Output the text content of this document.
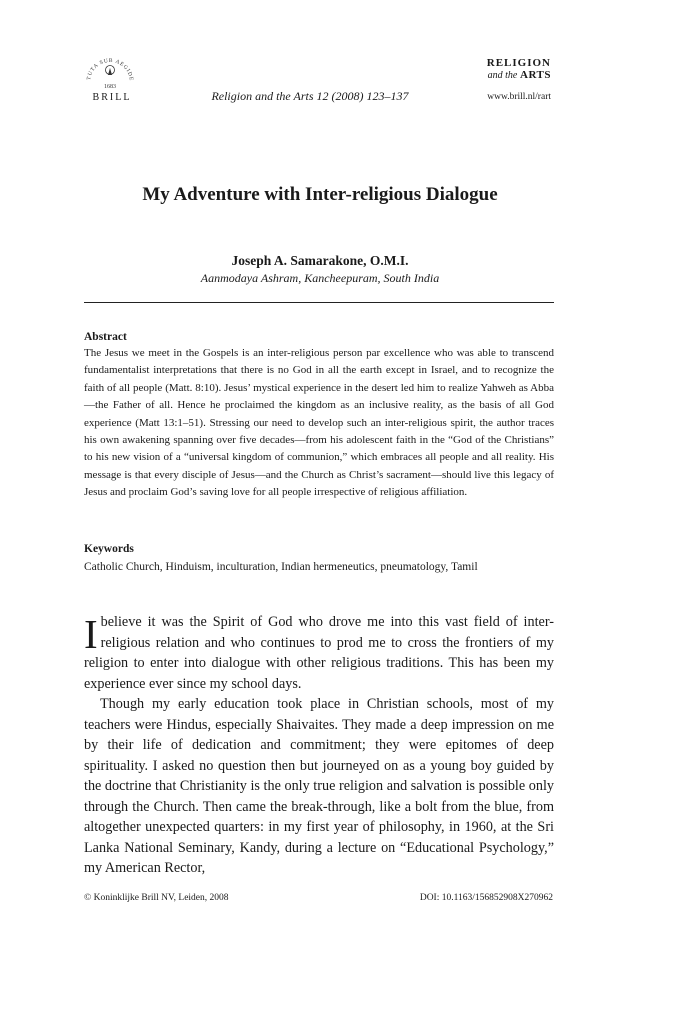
TUTA SUB AEGIDE
1683
BRILL	Religion and the Arts 12 (2008) 123–137
RELIGION
and the ARTS
www.brill.nl/rart
My Adventure with Inter-religious Dialogue
Joseph A. Samarakone, O.M.I.
Aanmodaya Ashram, Kancheepuram, South India
Abstract
The Jesus we meet in the Gospels is an inter-religious person par excellence who was able to transcend fundamentalist interpretations that there is no God in all the earth except in Israel, and to recognize the faith of all people (Matt. 8:10). Jesus’ mystical experience in the desert led him to realize Yahweh as Abba—the Father of all. Hence he proclaimed the kingdom as an inclusive reality, as the basis of all God experience (Matt 13:1–51). Stressing our need to develop such an inter-religious spirit, the author traces his own awakening spanning over five decades—from his adolescent faith in the “God of the Christians” to his new vision of a “universal kingdom of communion,” which embraces all people and all reality. His message is that every disciple of Jesus—and the Church as Christ’s sacrament—should live this legacy of Jesus and proclaim God’s saving love for all people irrespective of religious affiliation.
Keywords
Catholic Church, Hinduism, inculturation, Indian hermeneutics, pneumatology, Tamil

Ibelieve it was the Spirit of God who drove me into this vast field of inter-religious relation and who continues to prod me to cross the frontiers of my religion to enter into dialogue with other religious traditions. This has been my experience ever since my school days.

Though my early education took place in Christian schools, most of my teachers were Hindus, especially Shaivaites. They made a deep impression on me by their life of dedication and commitment; they were epitomes of deep spirituality. I asked no question then but journeyed on as a young boy guided by the doctrine that Christianity is the only true religion and salvation is possible only through the Church. Then came the break-through, like a bolt from the blue, from altogether unexpected quarters: in my first year of philosophy, in 1960, at the Sri Lanka National Seminary, Kandy, during a lecture on “Educational Psychology,” my American Rector,

© Koninklijke Brill NV, Leiden, 2008	DOI: 10.1163/156852908X270962
